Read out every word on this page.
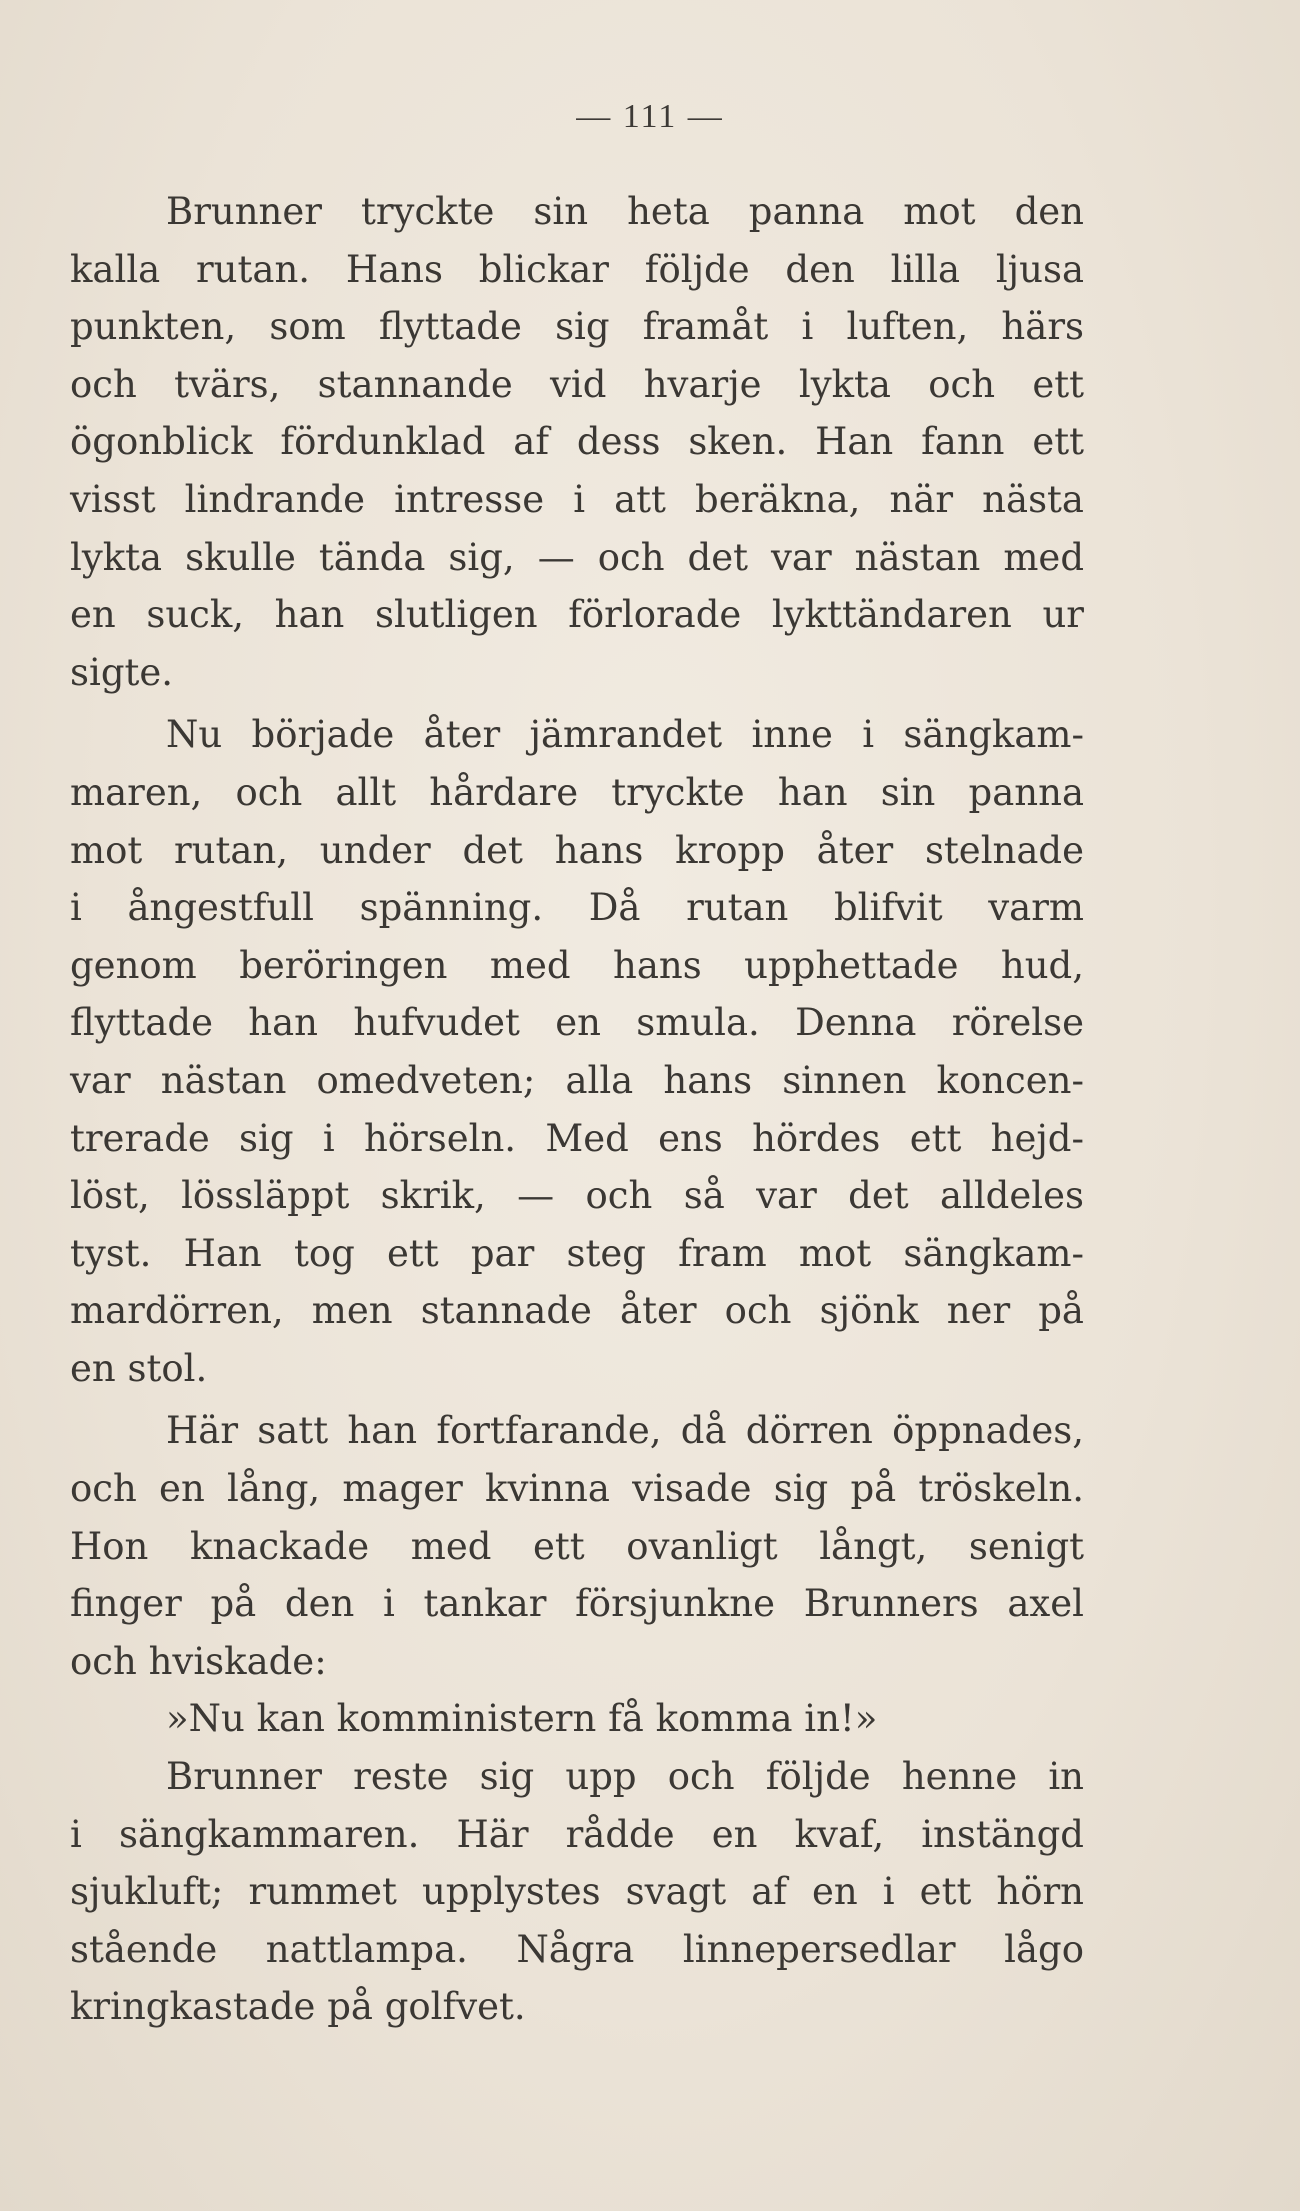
— 111 —
Brunner tryckte sin heta panna mot den
kalla rutan. Hans blickar följde den lilla ljusa
punkten, som flyttade sig framåt i luften, härs
och tvärs, stannande vid hvarje lykta och ett
ögonblick fördunklad af dess sken. Han fann ett
visst lindrande intresse i att beräkna, när nästa
lykta skulle tända sig, — och det var nästan med
en suck, han slutligen förlorade lykttändaren ur
sigte.
Nu började åter jämrandet inne i sängkam-
maren, och allt hårdare tryckte han sin panna
mot rutan, under det hans kropp åter stelnade
i ångestfull spänning. Då rutan blifvit varm
genom beröringen med hans upphettade hud,
flyttade han hufvudet en smula. Denna rörelse
var nästan omedveten; alla hans sinnen koncen-
trerade sig i hörseln. Med ens hördes ett hejd-
löst, lössläppt skrik, — och så var det alldeles
tyst. Han tog ett par steg fram mot sängkam-
mardörren, men stannade åter och sjönk ner på
en stol.
Här satt han fortfarande, då dörren öppnades,
och en lång, mager kvinna visade sig på tröskeln.
Hon knackade med ett ovanligt långt, senigt
finger på den i tankar försjunkne Brunners axel
och hviskade:
»Nu kan komministern få komma in!»
Brunner reste sig upp och följde henne in
i sängkammaren. Här rådde en kvaf, instängd
sjukluft; rummet upplystes svagt af en i ett hörn
stående nattlampa. Några linnepersedlar lågo
kringkastade på golfvet.
